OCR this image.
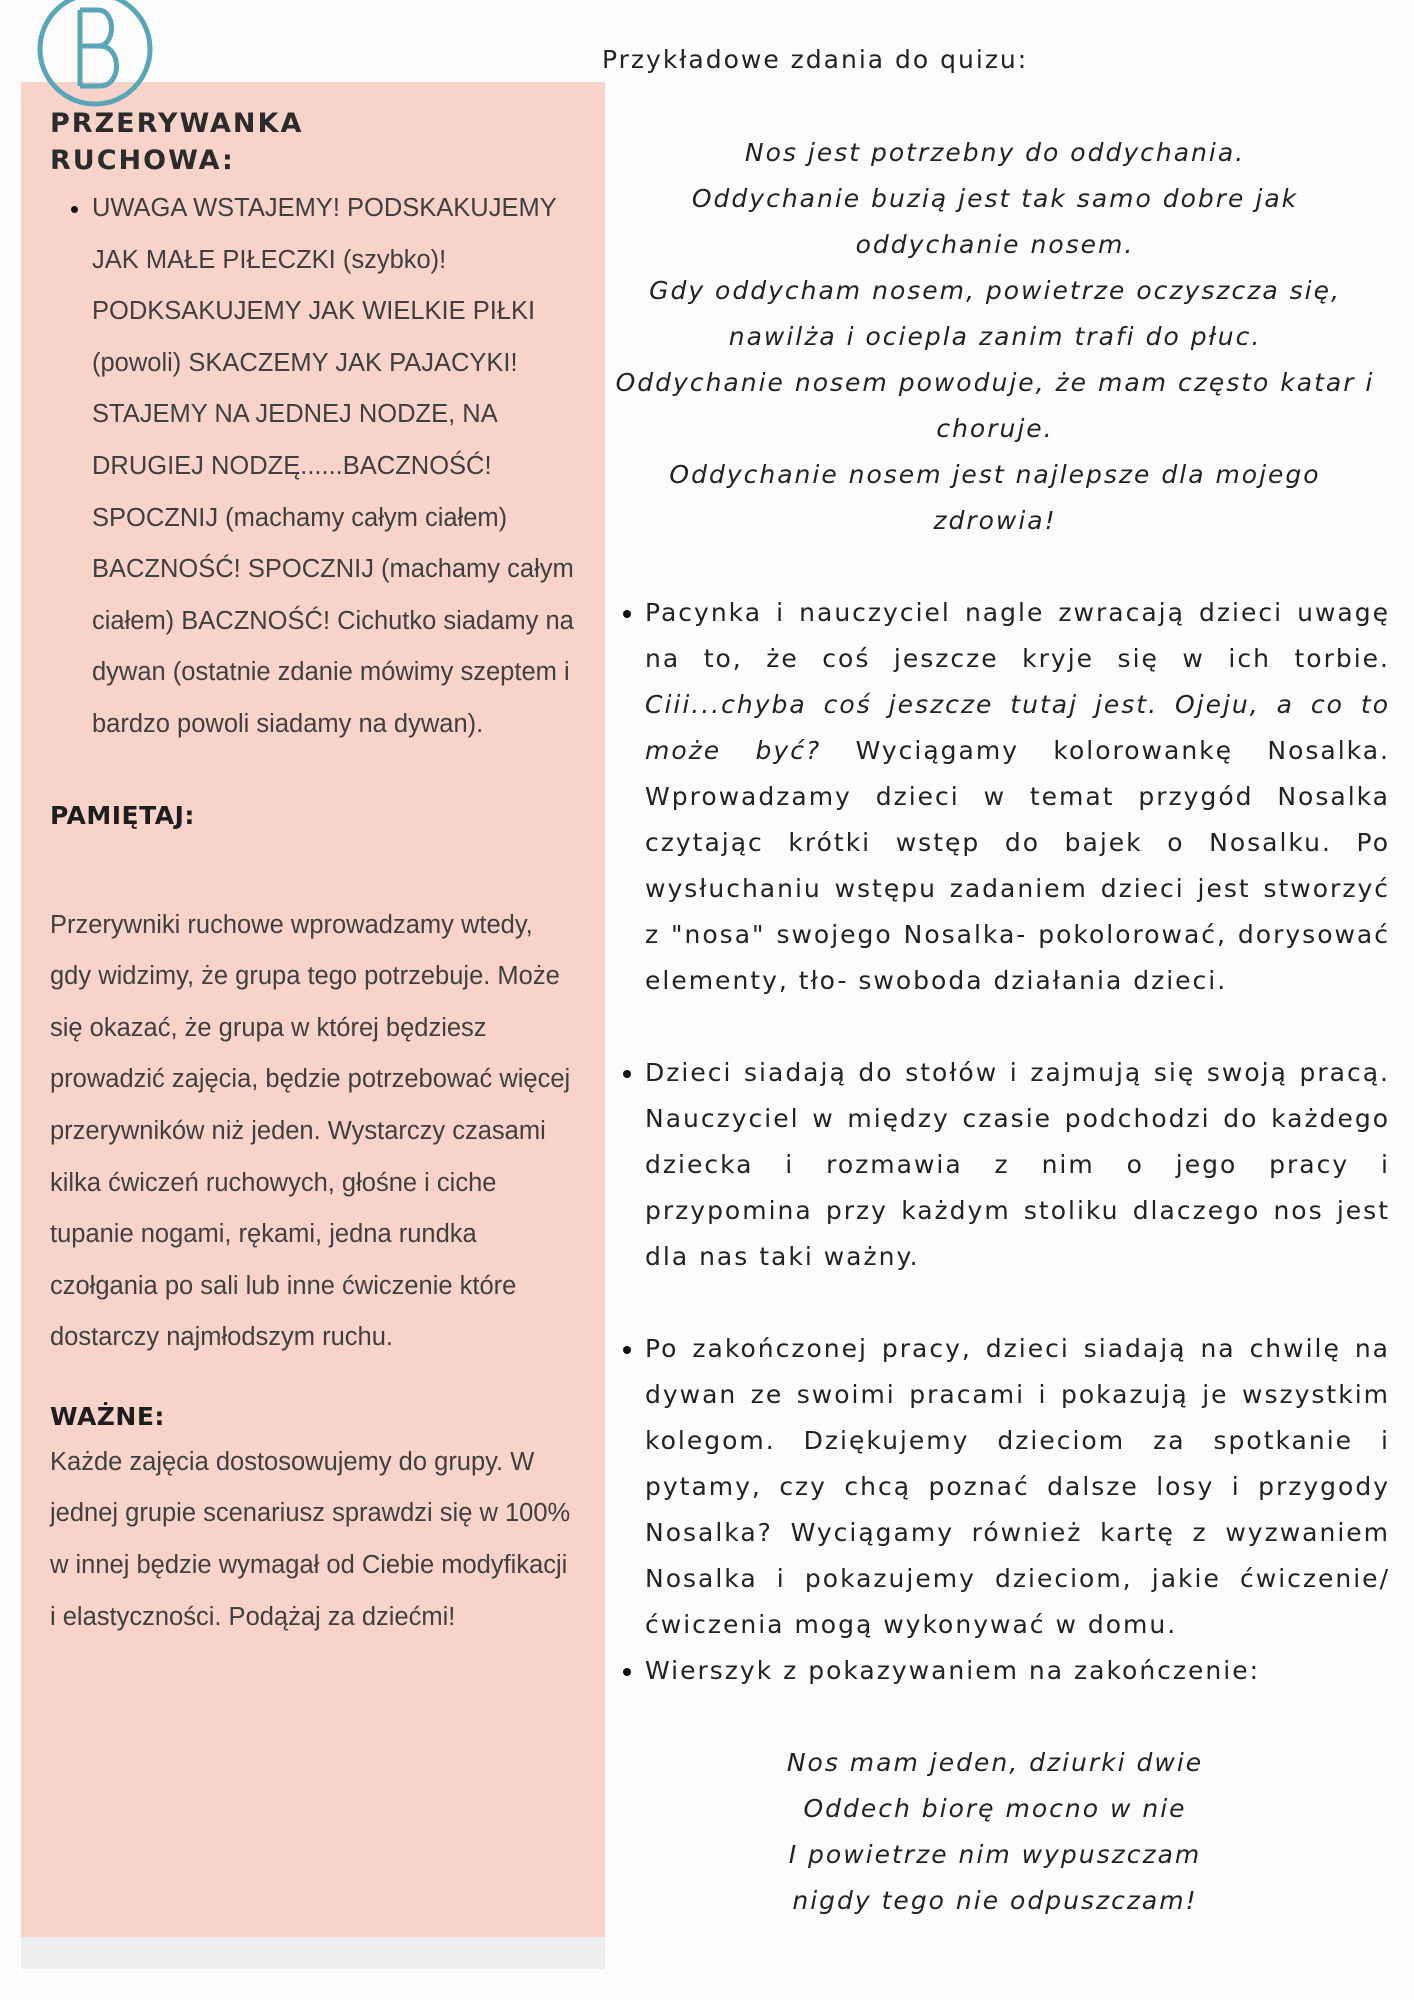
PRZERYWANKA RUCHOWA:
• UWAGA WSTAJEMY! PODSKAKUJEMY JAK MAŁE PIŁECZKI (szybko)! PODKSAKUJEMY JAK WIELKIE PIŁKI (powoli) SKACZEMY JAK PAJACYKI! STAJEMY NA JEDNEJ NODZE, NA DRUGIEJ NODZĘ......BACZNOŚĆ! SPOCZNIJ (machamy całym ciałem) BACZNOŚĆ! SPOCZNIJ (machamy całym ciałem) BACZNOŚĆ! Cichutko siadamy na dywan (ostatnie zdanie mówimy szeptem i bardzo powoli siadamy na dywan).
PAMIĘTAJ:

Przerywniki ruchowe wprowadzamy wtedy, gdy widzimy, że grupa tego potrzebuje. Może się okazać, że grupa w której będziesz prowadzić zajęcia, będzie potrzebować więcej przerywników niż jeden. Wystarczy czasami kilka ćwiczeń ruchowych, głośne i ciche tupanie nogami, rękami, jedna rundka czołgania po sali lub inne ćwiczenie które dostarczy najmłodszym ruchu.

WAŻNE:

Każde zajęcia dostosowujemy do grupy. W jednej grupie scenariusz sprawdzi się w 100% w innej będzie wymagał od Ciebie modyfikacji i elastyczności. Podążaj za dziećmi!

Przykładowe zdania do quizu:

Nos jest potrzebny do oddychania.
Oddychanie buzią jest tak samo dobre jak oddychanie nosem.
Gdy oddycham nosem, powietrze oczyszcza się, nawilża i ociepla zanim trafi do płuc.
Oddychanie nosem powoduje, że mam często katar i choruje.
Oddychanie nosem jest najlepsze dla mojego zdrowia!
• Pacynka i nauczyciel nagle zwracają dzieci uwagę na to, że coś jeszcze kryje się w ich torbie. Ciii...chyba coś jeszcze tutaj jest. Ojeju, a co to może być? Wyciągamy kolorowankę Nosalka. Wprowadzamy dzieci w temat przygód Nosalka czytając krótki wstęp do bajek o Nosalku. Po wysłuchaniu wstępu zadaniem dzieci jest stworzyć z "nosa" swojego Nosalka- pokolorować, dorysować elementy, tło- swoboda działania dzieci.
• Dzieci siadają do stołów i zajmują się swoją pracą. Nauczyciel w między czasie podchodzi do każdego dziecka i rozmawia z nim o jego pracy i przypomina przy każdym stoliku dlaczego nos jest dla nas taki ważny.
• Po zakończonej pracy, dzieci siadają na chwilę na dywan ze swoimi pracami i pokazują je wszystkim kolegom. Dziękujemy dzieciom za spotkanie i pytamy, czy chcą poznać dalsze losy i przygody Nosalka? Wyciągamy również kartę z wyzwaniem Nosalka i pokazujemy dzieciom, jakie ćwiczenie/ ćwiczenia mogą wykonywać w domu.
• Wierszyk z pokazywaniem na zakończenie:
Nos mam jeden, dziurki dwie
Oddech biorę mocno w nie
I powietrze nim wypuszczam
nigdy tego nie odpuszczam!
